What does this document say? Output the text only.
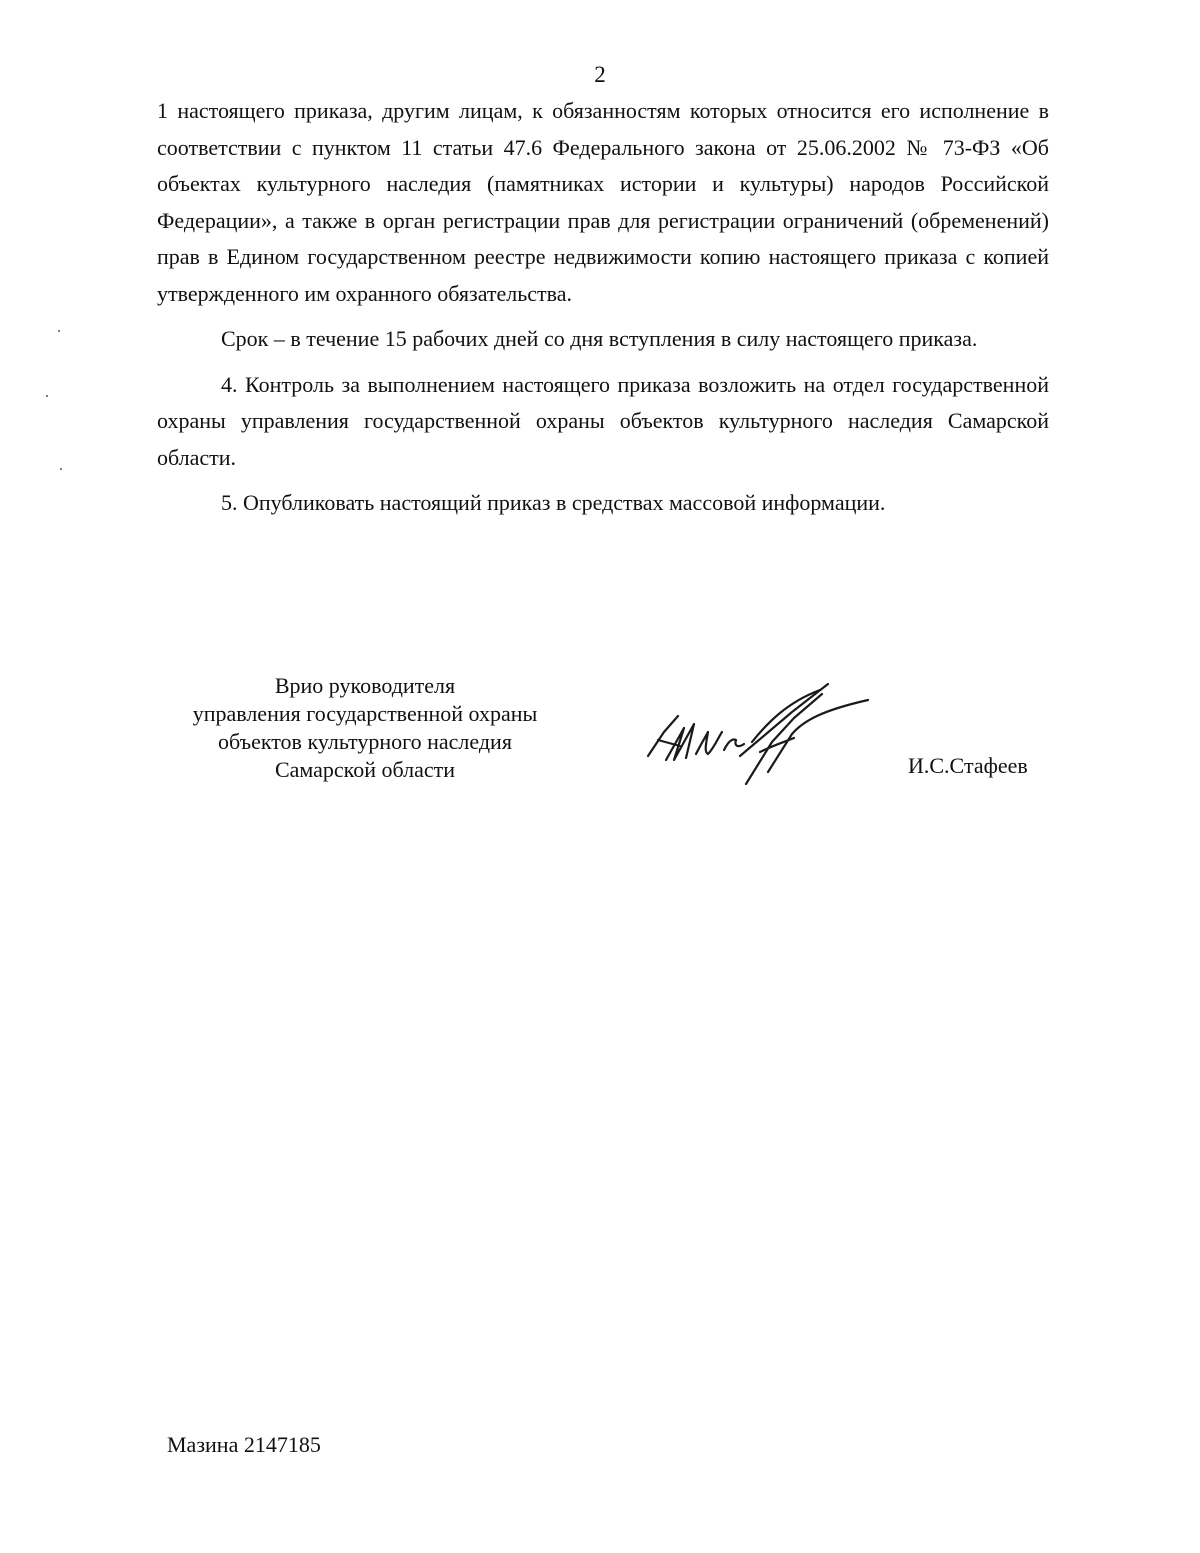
2

1 настоящего приказа, другим лицам, к обязанностям которых относится его исполнение в соответствии с пунктом 11 статьи 47.6 Федерального закона от 25.06.2002 № 73-ФЗ «Об объектах культурного наследия (памятниках истории и культуры) народов Российской Федерации», а также в орган регистрации прав для регистрации ограничений (обременений) прав в Едином государственном реестре недвижимости копию настоящего приказа с копией утвержденного им охранного обязательства.

Срок – в течение 15 рабочих дней со дня вступления в силу настоящего приказа.

4. Контроль за выполнением настоящего приказа возложить на отдел государственной охраны управления государственной охраны объектов культурного наследия Самарской области.

5. Опубликовать настоящий приказ в средствах массовой информации.

Врио руководителя
управления государственной охраны
объектов культурного наследия
Самарской области	И.С.Стафеев
Мазина 2147185
